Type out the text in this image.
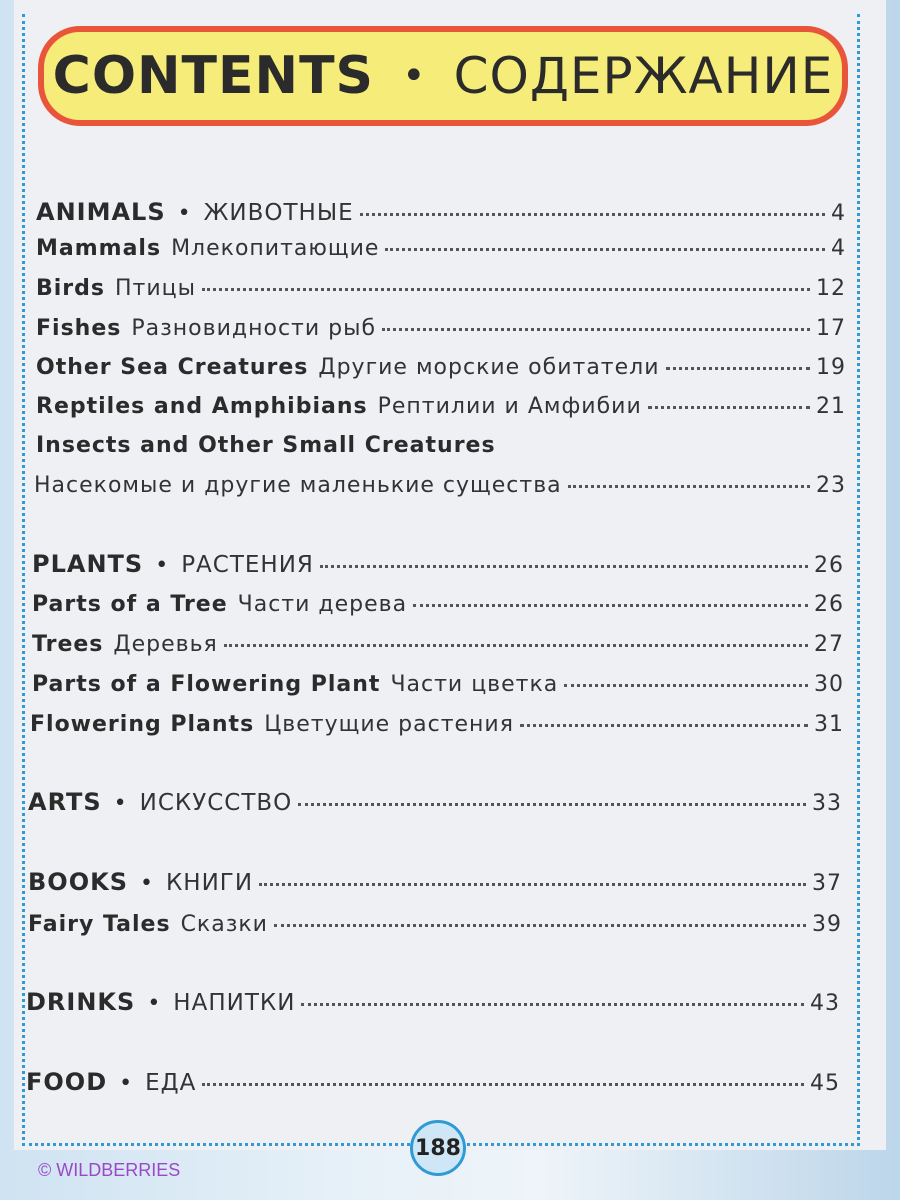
CONTENTS • СОДЕРЖАНИЕ
ANIMALS • ЖИВОТНЫЕ	4
Mammals Млекопитающие	4
Birds Птицы	12
Fishes Разновидности рыб	17
Other Sea Creatures Другие морские обитатели	19
Reptiles and Amphibians Рептилии и Амфибии	21
Insects and Other Small Creatures
Насекомые и другие маленькие существа	23
PLANTS • РАСТЕНИЯ	26
Parts of a Tree Части дерева	26
Trees Деревья	27
Parts of a Flowering Plant Части цветка	30
Flowering Plants Цветущие растения	31
ARTS • ИСКУССТВО	33
BOOKS • КНИГИ	37
Fairy Tales Сказки	39
DRINKS • НАПИТКИ	43
FOOD • ЕДА	45
188
© WILDBERRIES
